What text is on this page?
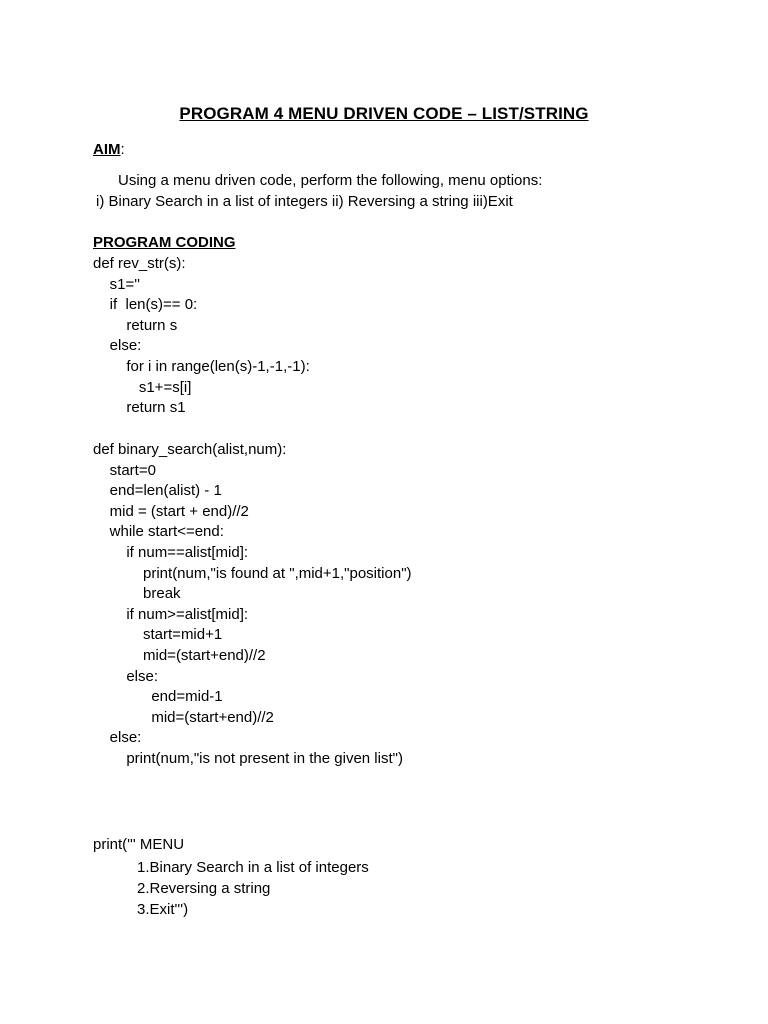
PROGRAM 4 MENU DRIVEN CODE – LIST/STRING
AIM:
Using a menu driven code, perform the following, menu options:
i) Binary Search in a list of integers ii) Reversing a string iii)Exit
PROGRAM CODING
def rev_str(s):
s1=''
if  len(s)== 0:
return s
else:
for i in range(len(s)-1,-1,-1):
s1+=s[i]
return s1
def binary_search(alist,num):
start=0
end=len(alist) - 1
mid = (start + end)//2
while start<=end:
if num==alist[mid]:
print(num,"is found at ",mid+1,"position")
break
if num>=alist[mid]:
start=mid+1
mid=(start+end)//2
else:
end=mid-1
mid=(start+end)//2
else:
print(num,"is not present in the given list")
print(''' MENU
1.Binary Search in a list of integers
2.Reversing a string
3.Exit''')
